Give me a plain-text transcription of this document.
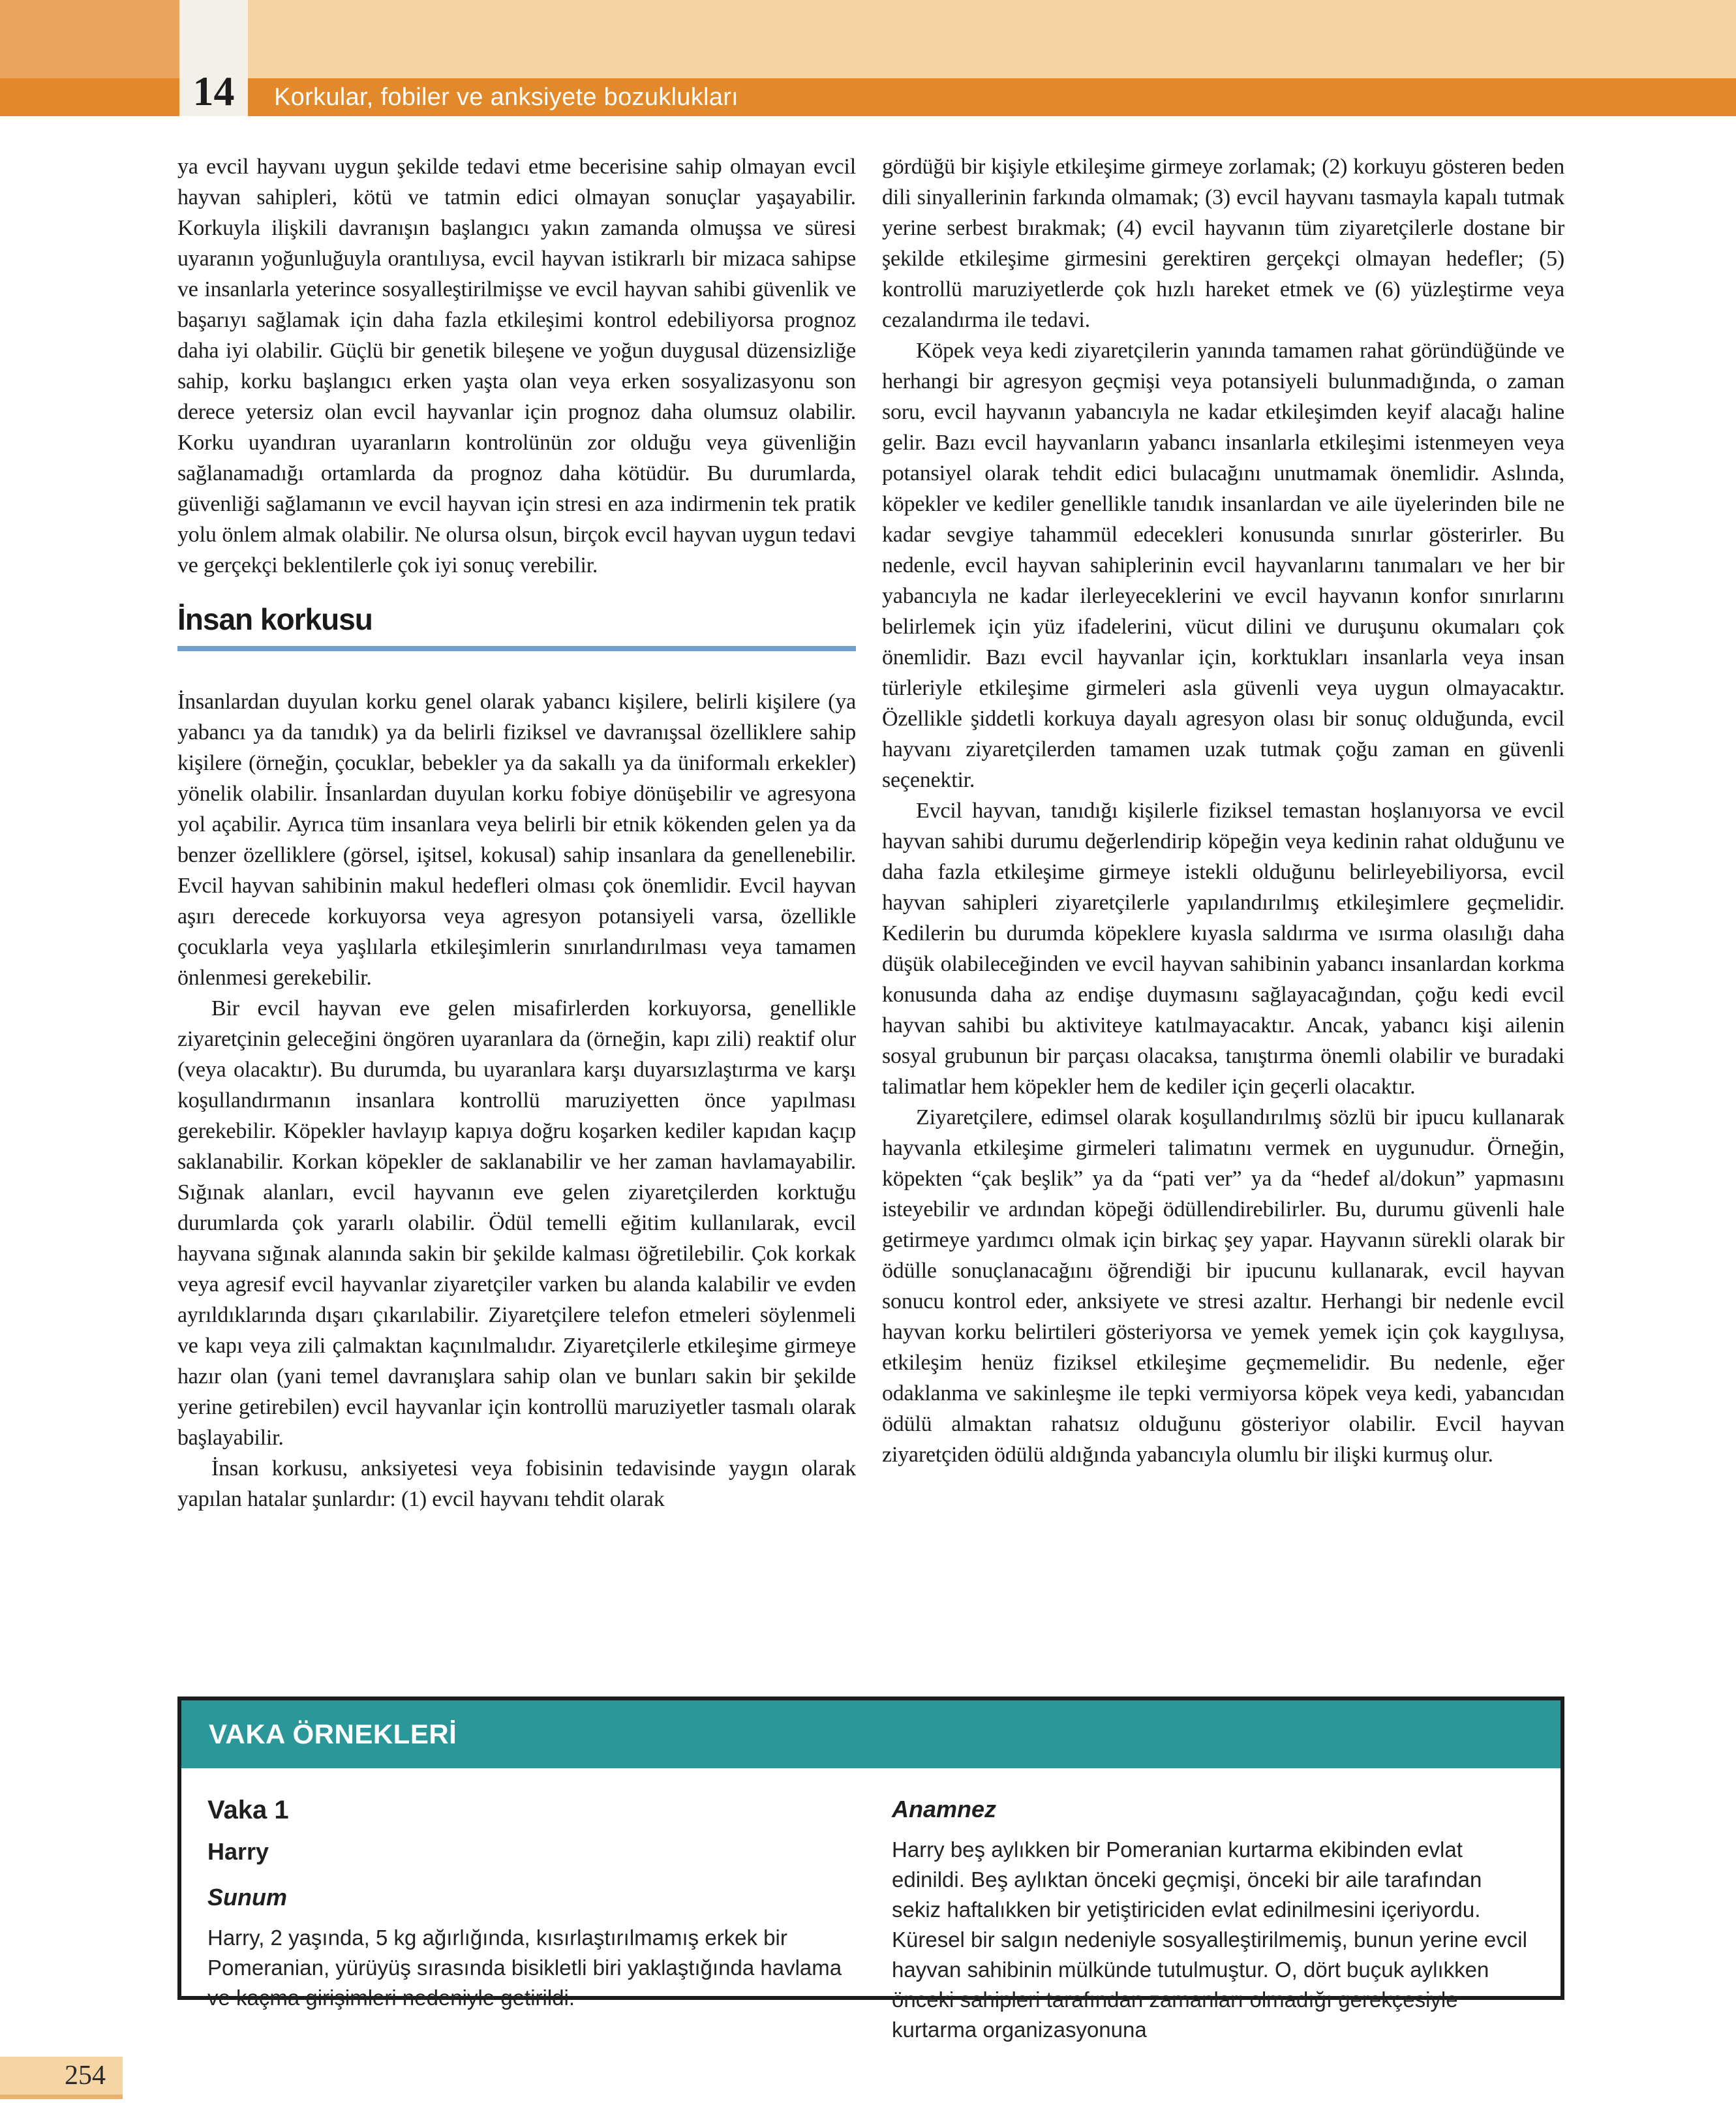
14 Korkular, fobiler ve anksiyete bozuklukları

ya evcil hayvanı uygun şekilde tedavi etme becerisine sahip olmayan evcil hayvan sahipleri, kötü ve tatmin edici olmayan sonuçlar yaşayabilir. Korkuyla ilişkili davranışın başlangıcı yakın zamanda olmuşsa ve süresi uyaranın yoğunluğuyla orantılıysa, evcil hayvan istikrarlı bir mizaca sahipse ve insanlarla yeterince sosyalleştirilmişse ve evcil hayvan sahibi güvenlik ve başarıyı sağlamak için daha fazla etkileşimi kontrol edebiliyorsa prognoz daha iyi olabilir. Güçlü bir genetik bileşene ve yoğun duygusal düzensizliğe sahip, korku başlangıcı erken yaşta olan veya erken sosyalizasyonu son derece yetersiz olan evcil hayvanlar için prognoz daha olumsuz olabilir. Korku uyandıran uyaranların kontrolünün zor olduğu veya güvenliğin sağlanamadığı ortamlarda da prognoz daha kötüdür. Bu durumlarda, güvenliği sağlamanın ve evcil hayvan için stresi en aza indirmenin tek pratik yolu önlem almak olabilir. Ne olursa olsun, birçok evcil hayvan uygun tedavi ve gerçekçi beklentilerle çok iyi sonuç verebilir.

İnsan korkusu

İnsanlardan duyulan korku genel olarak yabancı kişilere, belirli kişilere (ya yabancı ya da tanıdık) ya da belirli fiziksel ve davranışsal özelliklere sahip kişilere (örneğin, çocuklar, bebekler ya da sakallı ya da üniformalı erkekler) yönelik olabilir. İnsanlardan duyulan korku fobiye dönüşebilir ve agresyona yol açabilir. Ayrıca tüm insanlara veya belirli bir etnik kökenden gelen ya da benzer özelliklere (görsel, işitsel, kokusal) sahip insanlara da genellenebilir. Evcil hayvan sahibinin makul hedefleri olması çok önemlidir. Evcil hayvan aşırı derecede korkuyorsa veya agresyon potansiyeli varsa, özellikle çocuklarla veya yaşlılarla etkileşimlerin sınırlandırılması veya tamamen önlenmesi gerekebilir.

Bir evcil hayvan eve gelen misafirlerden korkuyorsa, genellikle ziyaretçinin geleceğini öngören uyaranlara da (örneğin, kapı zili) reaktif olur (veya olacaktır). Bu durumda, bu uyaranlara karşı duyarsızlaştırma ve karşı koşullandırmanın insanlara kontrollü maruziyetten önce yapılması gerekebilir. Köpekler havlayıp kapıya doğru koşarken kediler kapıdan kaçıp saklanabilir. Korkan köpekler de saklanabilir ve her zaman havlamayabilir. Sığınak alanları, evcil hayvanın eve gelen ziyaretçilerden korktuğu durumlarda çok yararlı olabilir. Ödül temelli eğitim kullanılarak, evcil hayvana sığınak alanında sakin bir şekilde kalması öğretilebilir. Çok korkak veya agresif evcil hayvanlar ziyaretçiler varken bu alanda kalabilir ve evden ayrıldıklarında dışarı çıkarılabilir. Ziyaretçilere telefon etmeleri söylenmeli ve kapı veya zili çalmaktan kaçınılmalıdır. Ziyaretçilerle etkileşime girmeye hazır olan (yani temel davranışlara sahip olan ve bunları sakin bir şekilde yerine getirebilen) evcil hayvanlar için kontrollü maruziyetler tasmalı olarak başlayabilir.

İnsan korkusu, anksiyetesi veya fobisinin tedavisinde yaygın olarak yapılan hatalar şunlardır: (1) evcil hayvanı tehdit olarak

gördüğü bir kişiyle etkileşime girmeye zorlamak; (2) korkuyu gösteren beden dili sinyallerinin farkında olmamak; (3) evcil hayvanı tasmayla kapalı tutmak yerine serbest bırakmak; (4) evcil hayvanın tüm ziyaretçilerle dostane bir şekilde etkileşime girmesini gerektiren gerçekçi olmayan hedefler; (5) kontrollü maruziyetlerde çok hızlı hareket etmek ve (6) yüzleştirme veya cezalandırma ile tedavi.

Köpek veya kedi ziyaretçilerin yanında tamamen rahat göründüğünde ve herhangi bir agresyon geçmişi veya potansiyeli bulunmadığında, o zaman soru, evcil hayvanın yabancıyla ne kadar etkileşimden keyif alacağı haline gelir. Bazı evcil hayvanların yabancı insanlarla etkileşimi istenmeyen veya potansiyel olarak tehdit edici bulacağını unutmamak önemlidir. Aslında, köpekler ve kediler genellikle tanıdık insanlardan ve aile üyelerinden bile ne kadar sevgiye tahammül edecekleri konusunda sınırlar gösterirler. Bu nedenle, evcil hayvan sahiplerinin evcil hayvanlarını tanımaları ve her bir yabancıyla ne kadar ilerleyeceklerini ve evcil hayvanın konfor sınırlarını belirlemek için yüz ifadelerini, vücut dilini ve duruşunu okumaları çok önemlidir. Bazı evcil hayvanlar için, korktukları insanlarla veya insan türleriyle etkileşime girmeleri asla güvenli veya uygun olmayacaktır. Özellikle şiddetli korkuya dayalı agresyon olası bir sonuç olduğunda, evcil hayvanı ziyaretçilerden tamamen uzak tutmak çoğu zaman en güvenli seçenektir.

Evcil hayvan, tanıdığı kişilerle fiziksel temastan hoşlanıyorsa ve evcil hayvan sahibi durumu değerlendirip köpeğin veya kedinin rahat olduğunu ve daha fazla etkileşime girmeye istekli olduğunu belirleyebiliyorsa, evcil hayvan sahipleri ziyaretçilerle yapılandırılmış etkileşimlere geçmelidir. Kedilerin bu durumda köpeklere kıyasla saldırma ve ısırma olasılığı daha düşük olabileceğinden ve evcil hayvan sahibinin yabancı insanlardan korkma konusunda daha az endişe duymasını sağlayacağından, çoğu kedi evcil hayvan sahibi bu aktiviteye katılmayacaktır. Ancak, yabancı kişi ailenin sosyal grubunun bir parçası olacaksa, tanıştırma önemli olabilir ve buradaki talimatlar hem köpekler hem de kediler için geçerli olacaktır.

Ziyaretçilere, edimsel olarak koşullandırılmış sözlü bir ipucu kullanarak hayvanla etkileşime girmeleri talimatını vermek en uygunudur. Örneğin, köpekten “çak beşlik” ya da “pati ver” ya da “hedef al/dokun” yapmasını isteyebilir ve ardından köpeği ödüllendirebilirler. Bu, durumu güvenli hale getirmeye yardımcı olmak için birkaç şey yapar. Hayvanın sürekli olarak bir ödülle sonuçlanacağını öğrendiği bir ipucunu kullanarak, evcil hayvan sonucu kontrol eder, anksiyete ve stresi azaltır. Herhangi bir nedenle evcil hayvan korku belirtileri gösteriyorsa ve yemek yemek için çok kaygılıysa, etkileşim henüz fiziksel etkileşime geçmemelidir. Bu nedenle, eğer odaklanma ve sakinleşme ile tepki vermiyorsa köpek veya kedi, yabancıdan ödülü almaktan rahatsız olduğunu gösteriyor olabilir. Evcil hayvan ziyaretçiden ödülü aldığında yabancıyla olumlu bir ilişki kurmuş olur.

VAKA ÖRNEKLERİ
Vaka 1
Harry
Sunum

Harry, 2 yaşında, 5 kg ağırlığında, kısırlaştırılmamış erkek bir Pomeranian, yürüyüş sırasında bisikletli biri yaklaştığında havlama ve kaçma girişimleri nedeniyle getirildi.

Anamnez

Harry beş aylıkken bir Pomeranian kurtarma ekibinden evlat edinildi. Beş aylıktan önceki geçmişi, önceki bir aile tarafından sekiz haftalıkken bir yetiştiriciden evlat edinilmesini içeriyordu. Küresel bir salgın nedeniyle sosyalleştirilmemiş, bunun yerine evcil hayvan sahibinin mülkünde tutulmuştur. O, dört buçuk aylıkken önceki sahipleri tarafından zamanları olmadığı gerekçesiyle kurtarma organizasyonuna

254
